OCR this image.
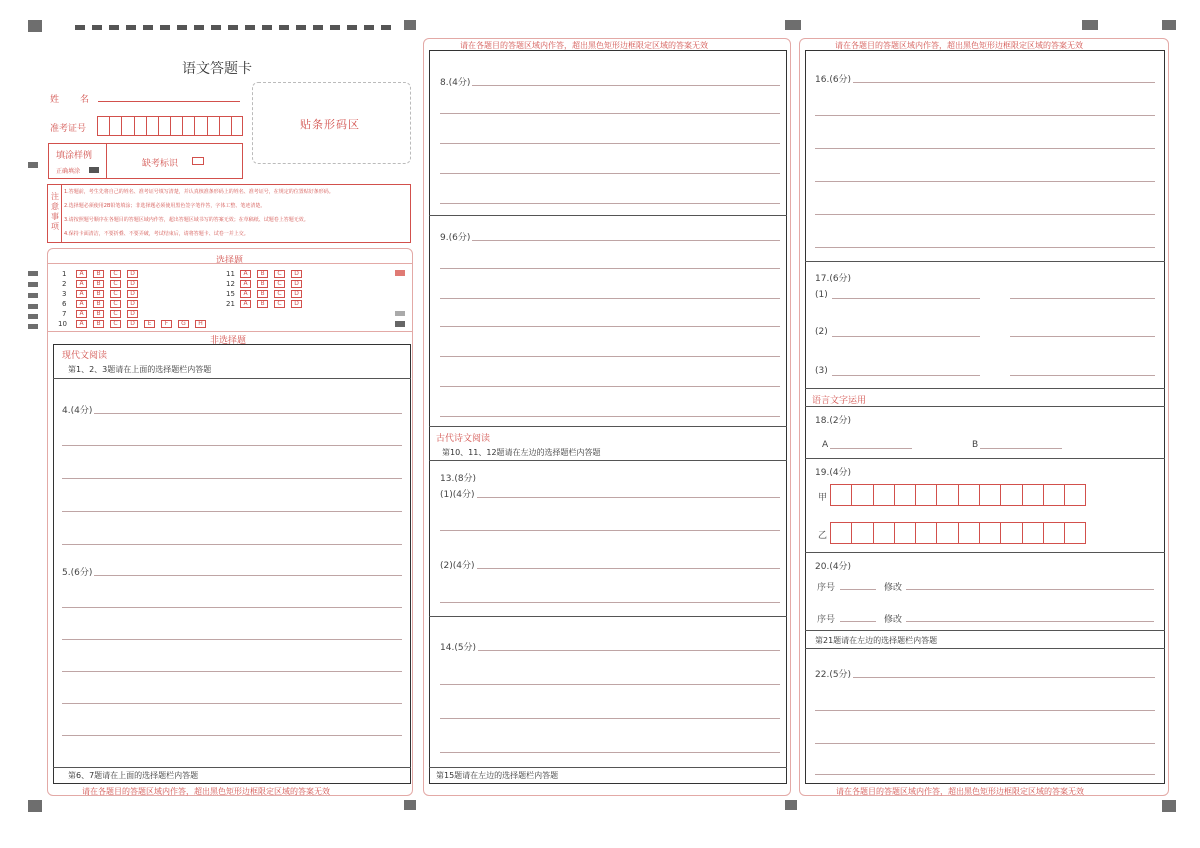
语文答题卡
姓　名
准考证号	贴条形码区
填涂样例
正确填涂
缺考标识
注
意
事
项
1.答题前，考生先将自己的姓名、准考证号填写清楚，并认真核准条形码上的姓名、准考证号，在规定的位置贴好条形码。
2.选择题必须使用2B铅笔填涂；非选择题必须使用黑色签字笔作答，字体工整、笔迹清楚。
3.请按照题号顺序在各题目的答题区域内作答，超出答题区域书写的答案无效；在草稿纸、试题卷上答题无效。
4.保持卡面清洁，不要折叠、不要弄破，考试结束后，请将答题卡、试卷一并上交。
选择题
1 A B C D
2 A B C D
3 A B C D
6 A B C D
7 A B C D
10 A B C D E F G H
11 A B C D
12 A B C D
15 A B C D
21 A B C D
非选择题
现代文阅读
第1、2、3题请在上面的选择题栏内答题
4.(4分)
5.(6分)
第6、7题请在上面的选择题栏内答题
请在各题目的答题区域内作答，超出黑色矩形边框限定区域的答案无效
请在各题目的答题区域内作答，超出黑色矩形边框限定区域的答案无效
8.(4分)
9.(6分)
古代诗文阅读
第10、11、12题请在左边的选择题栏内答题
13.(8分)
(1)(4分)
(2)(4分)
14.(5分)
第15题请在左边的选择题栏内答题
请在各题目的答题区域内作答，超出黑色矩形边框限定区域的答案无效
16.(6分)
17.(6分)
(1)
(2)
(3)
语言文字运用
18.(2分)
A	B
19.(4分)
甲
乙
20.(4分)
序号	修改
序号	修改
第21题请在左边的选择题栏内答题
22.(5分)
请在各题目的答题区域内作答，超出黑色矩形边框限定区域的答案无效
